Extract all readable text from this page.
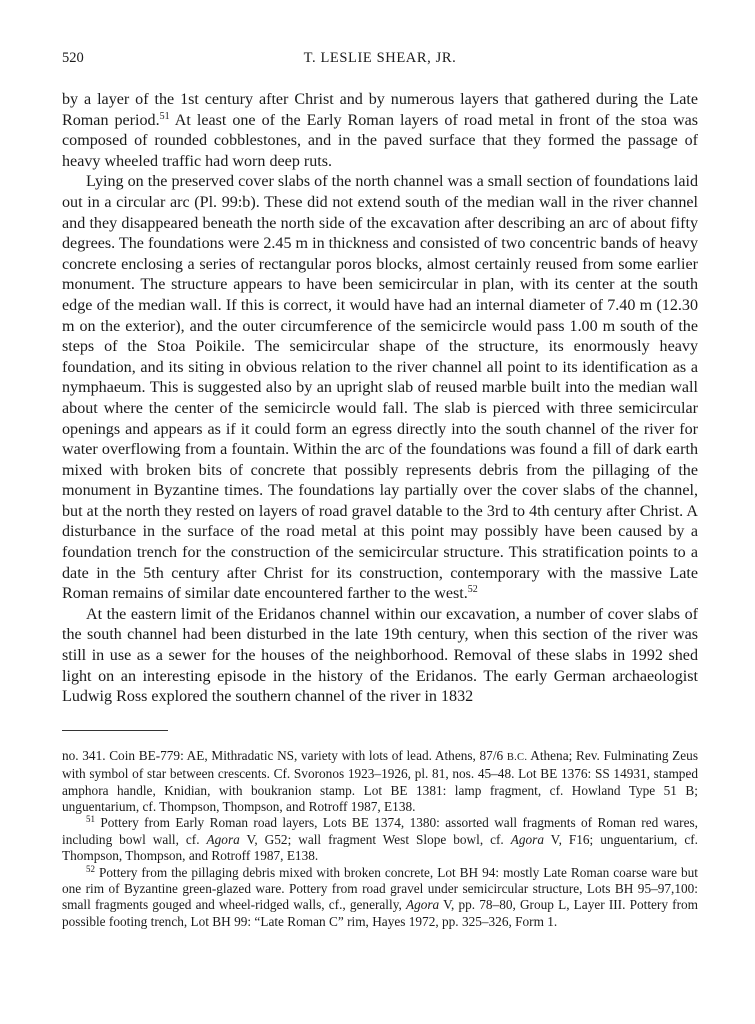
520	T. LESLIE SHEAR, JR.

by a layer of the 1st century after Christ and by numerous layers that gathered during the Late Roman period.$^{51}$ At least one of the Early Roman layers of road metal in front of the stoa was composed of rounded cobblestones, and in the paved surface that they formed the passage of heavy wheeled traffic had worn deep ruts.

Lying on the preserved cover slabs of the north channel was a small section of foundations laid out in a circular arc (Pl. 99:b). These did not extend south of the median wall in the river channel and they disappeared beneath the north side of the excavation after describing an arc of about fifty degrees. The foundations were 2.45 m in thickness and consisted of two concentric bands of heavy concrete enclosing a series of rectangular poros blocks, almost certainly reused from some earlier monument. The structure appears to have been semicircular in plan, with its center at the south edge of the median wall. If this is correct, it would have had an internal diameter of 7.40 m (12.30 m on the exterior), and the outer circumference of the semicircle would pass 1.00 m south of the steps of the Stoa Poikile. The semicircular shape of the structure, its enormously heavy foundation, and its siting in obvious relation to the river channel all point to its identification as a nymphaeum. This is suggested also by an upright slab of reused marble built into the median wall about where the center of the semicircle would fall. The slab is pierced with three semicircular openings and appears as if it could form an egress directly into the south channel of the river for water overflowing from a fountain. Within the arc of the foundations was found a fill of dark earth mixed with broken bits of concrete that possibly represents debris from the pillaging of the monument in Byzantine times. The foundations lay partially over the cover slabs of the channel, but at the north they rested on layers of road gravel datable to the 3rd to 4th century after Christ. A disturbance in the surface of the road metal at this point may possibly have been caused by a foundation trench for the construction of the semicircular structure. This stratification points to a date in the 5th century after Christ for its construction, contemporary with the massive Late Roman remains of similar date encountered farther to the west.$^{52}$

At the eastern limit of the Eridanos channel within our excavation, a number of cover slabs of the south channel had been disturbed in the late 19th century, when this section of the river was still in use as a sewer for the houses of the neighborhood. Removal of these slabs in 1992 shed light on an interesting episode in the history of the Eridanos. The early German archaeologist Ludwig Ross explored the southern channel of the river in 1832

no. 341. Coin BE-779: AE, Mithradatic NS, variety with lots of lead. Athens, 87/6 B.C. Athena; Rev. Fulminating Zeus with symbol of star between crescents. Cf. Svoronos 1923–1926, pl. 81, nos. 45–48. Lot BE 1376: SS 14931, stamped amphora handle, Knidian, with boukranion stamp. Lot BE 1381: lamp fragment, cf. Howland Type 51 B; unguentarium, cf. Thompson, Thompson, and Rotroff 1987, E138.

$^{51}$ Pottery from Early Roman road layers, Lots BE 1374, 1380: assorted wall fragments of Roman red wares, including bowl wall, cf. Agora V, G52; wall fragment West Slope bowl, cf. Agora V, F16; unguentarium, cf. Thompson, Thompson, and Rotroff 1987, E138.

$^{52}$ Pottery from the pillaging debris mixed with broken concrete, Lot BH 94: mostly Late Roman coarse ware but one rim of Byzantine green-glazed ware. Pottery from road gravel under semicircular structure, Lots BH 95–97,100: small fragments gouged and wheel-ridged walls, cf., generally, Agora V, pp. 78–80, Group L, Layer III. Pottery from possible footing trench, Lot BH 99: “Late Roman C” rim, Hayes 1972, pp. 325–326, Form 1.
